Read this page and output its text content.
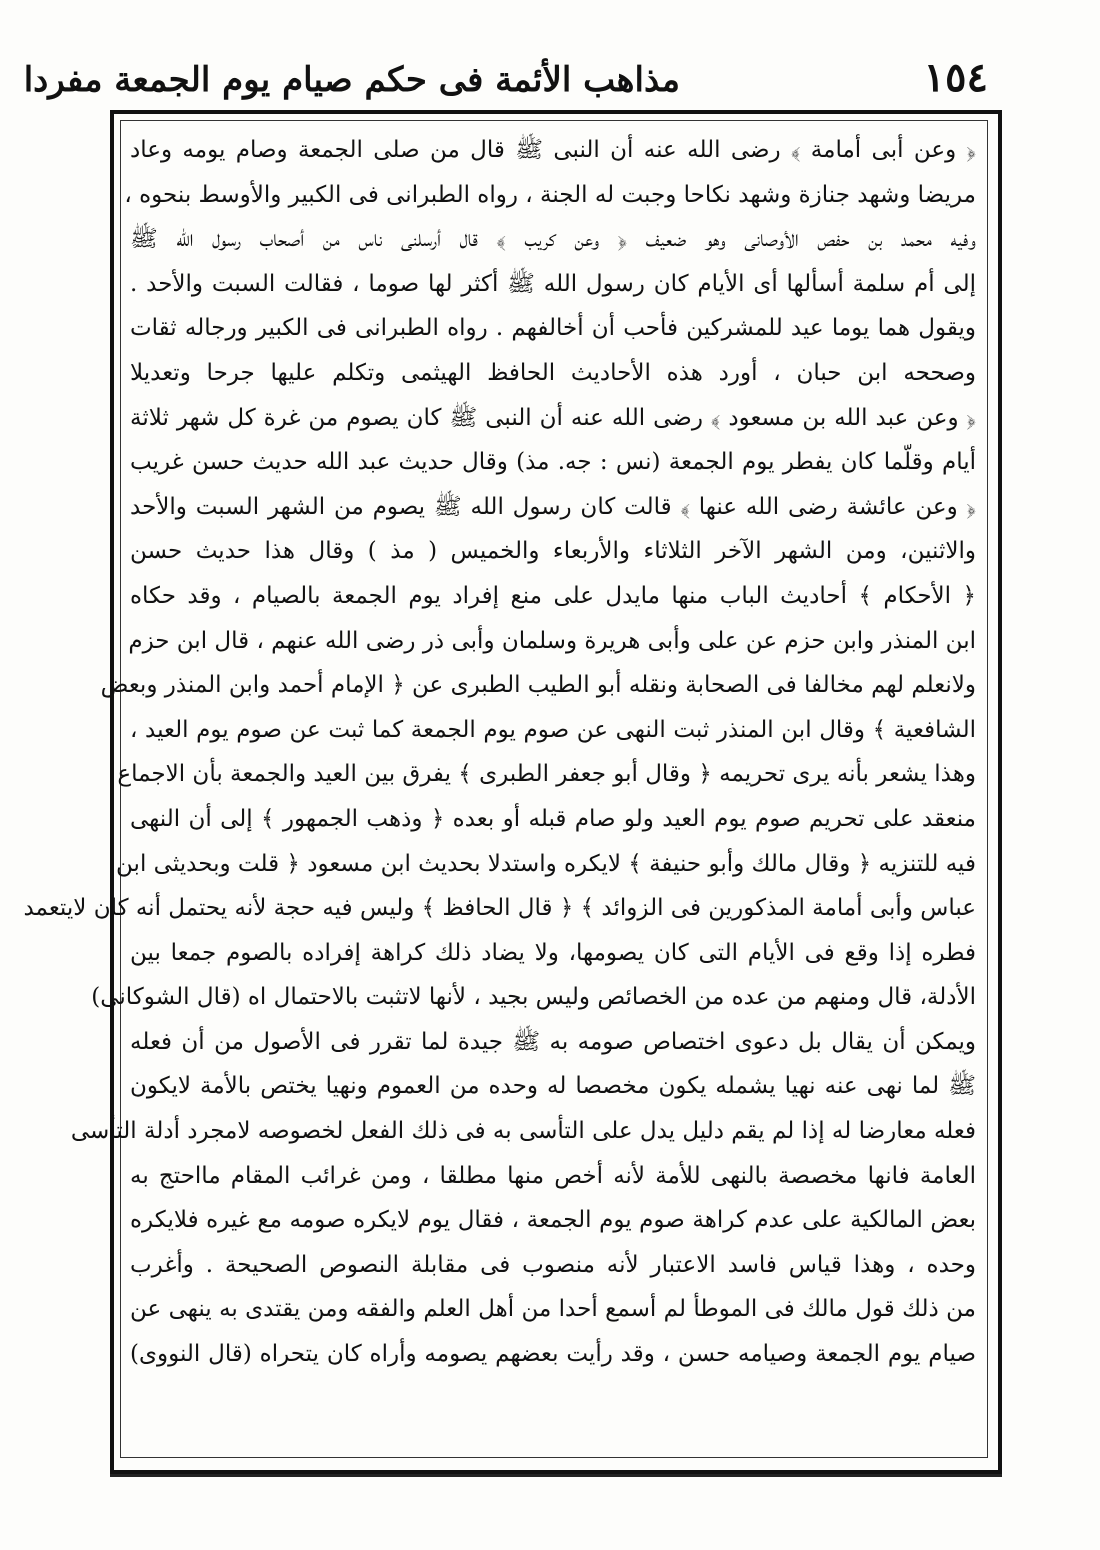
١٥٤
مذاهب الأئمة فى حكم صيام يوم الجمعة مفردا
﴿ وعن أبى أمامة ﴾ رضى الله عنه أن النبى ﷺ قال من صلى الجمعة وصام يومه وعاد
مريضا وشهد جنازة وشهد نكاحا وجبت له الجنة ، رواه الطبرانى فى الكبير والأوسط بنحوه ،
وفيه محمد بن حفص الأوصانى وهو ضعيف ﴿ وعن كريب ﴾ قال أرسلنى ناس من أصحاب رسول الله ﷺ
إلى أم سلمة أسألها أى الأيام كان رسول الله ﷺ أكثر لها صوما ، فقالت السبت والأحد .
ويقول هما يوما عيد للمشركين فأحب أن أخالفهم . رواه الطبرانى فى الكبير ورجاله ثقات
وصححه ابن حبان ، أورد هذه الأحاديث الحافظ الهيثمى وتكلم عليها جرحا وتعديلا
﴿ وعن عبد الله بن مسعود ﴾ رضى الله عنه أن النبى ﷺ كان يصوم من غرة كل شهر ثلاثة
أيام وقلّما كان يفطر يوم الجمعة (نس : جه. مذ) وقال حديث عبد الله حديث حسن غريب
﴿ وعن عائشة رضى الله عنها ﴾ قالت كان رسول الله ﷺ يصوم من الشهر السبت والأحد
والاثنين، ومن الشهر الآخر الثلاثاء والأربعاء والخميس ( مذ ) وقال هذا حديث حسن
﴿ الأحكام ﴾ أحاديث الباب منها مايدل على منع إفراد يوم الجمعة بالصيام ، وقد حكاه
ابن المنذر وابن حزم عن على وأبى هريرة وسلمان وأبى ذر رضى الله عنهم ، قال ابن حزم
ولانعلم لهم مخالفا فى الصحابة ونقله أبو الطيب الطبرى عن ﴿ الإمام أحمد وابن المنذر وبعض
الشافعية ﴾ وقال ابن المنذر ثبت النهى عن صوم يوم الجمعة كما ثبت عن صوم يوم العيد ،
وهذا يشعر بأنه يرى تحريمه ﴿ وقال أبو جعفر الطبرى ﴾ يفرق بين العيد والجمعة بأن الاجماع
منعقد على تحريم صوم يوم العيد ولو صام قبله أو بعده ﴿ وذهب الجمهور ﴾ إلى أن النهى
فيه للتنزيه ﴿ وقال مالك وأبو حنيفة ﴾ لايكره واستدلا بحديث ابن مسعود ﴿ قلت وبحديثى ابن
عباس وأبى أمامة المذكورين فى الزوائد ﴾ ﴿ قال الحافظ ﴾ وليس فيه حجة لأنه يحتمل أنه كان لايتعمد
فطره إذا وقع فى الأيام التى كان يصومها، ولا يضاد ذلك كراهة إفراده بالصوم جمعا بين
الأدلة، قال ومنهم من عده من الخصائص وليس بجيد ، لأنها لاتثبت بالاحتمال اه (قال الشوكانى)
ويمكن أن يقال بل دعوى اختصاص صومه به ﷺ جيدة لما تقرر فى الأصول من أن فعله
ﷺ لما نهى عنه نهيا يشمله يكون مخصصا له وحده من العموم ونهيا يختص بالأمة لايكون
فعله معارضا له إذا لم يقم دليل يدل على التأسى به فى ذلك الفعل لخصوصه لامجرد أدلة التأسى
العامة فانها مخصصة بالنهى للأمة لأنه أخص منها مطلقا ، ومن غرائب المقام مااحتج به
بعض المالكية على عدم كراهة صوم يوم الجمعة ، فقال يوم لايكره صومه مع غيره فلايكره
وحده ، وهذا قياس فاسد الاعتبار لأنه منصوب فى مقابلة النصوص الصحيحة . وأغرب
من ذلك قول مالك فى الموطأ لم أسمع أحدا من أهل العلم والفقه ومن يقتدى به ينهى عن
صيام يوم الجمعة وصيامه حسن ، وقد رأيت بعضهم يصومه وأراه كان يتحراه (قال النووى)
